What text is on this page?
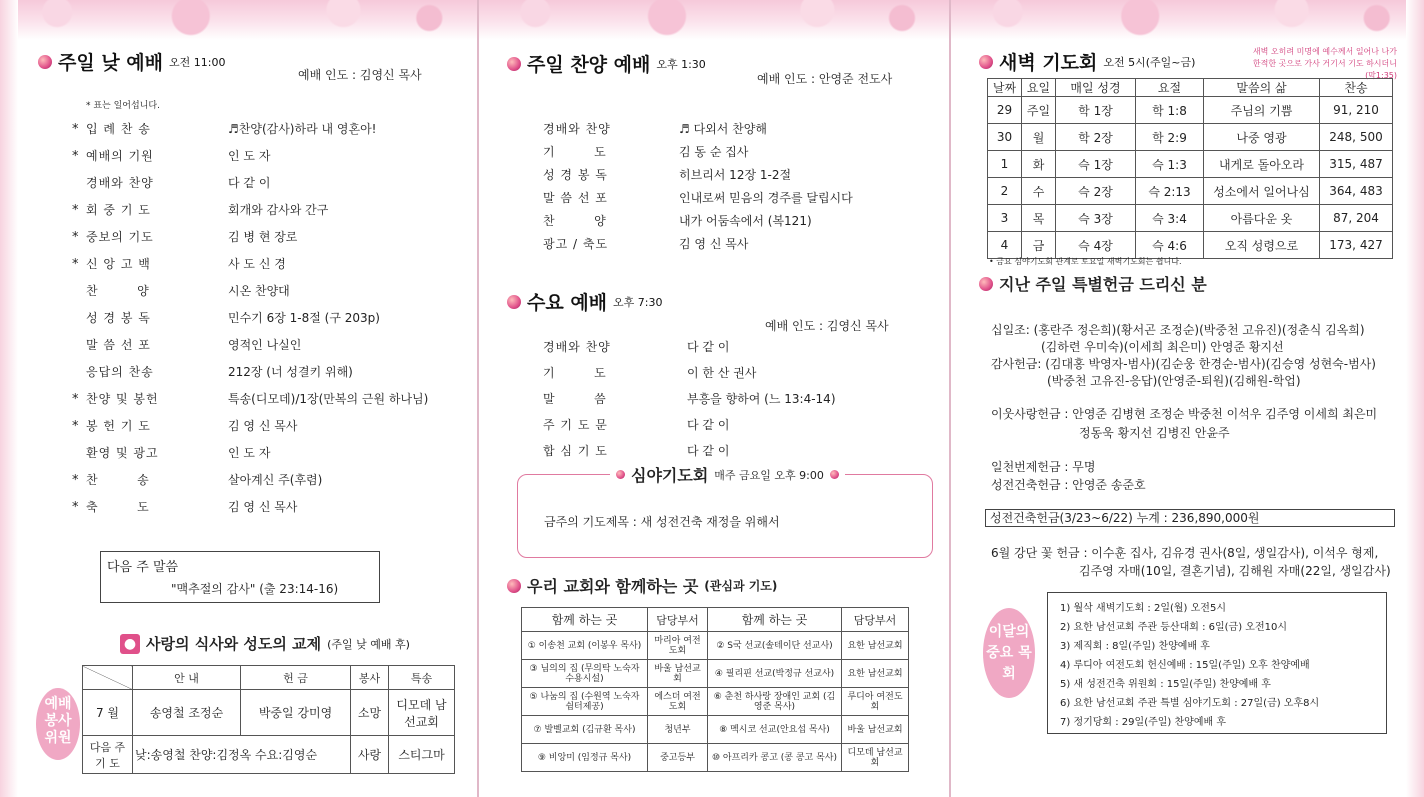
주일 낮 예배 오전 11:00
예배 인도 : 김영신 목사
* 표는 일어섭니다.
* 입 례 찬 송	♬찬양(감사)하라 내 영혼아!
* 예배의 기원	인 도 자
경배와 찬양	다 같 이
* 회 중 기 도	회개와 감사와 간구
* 중보의 기도	김 병 현 장로
* 신 앙 고 백	사 도 신 경
찬        양	시온 찬양대
성 경 봉 독	민수기 6장 1-8절 (구 203p)
말 씀 선 포	영적인 나실인
응답의 찬송	212장 (너 성결키 위해)
* 찬양 및 봉헌	특송(디모데)/1장(만복의 근원 하나님)
* 봉 헌 기 도	김 영 신 목사
환영 및 광고	인 도 자
* 찬        송	살아계신 주(후렴)
* 축        도	김 영 신 목사
다음 주 말씀
"맥추절의 감사" (출 23:14-16)
● 사랑의 식사와 성도의 교제 (주일 낮 예배 후)
	안 내	헌 금	봉사	특송
7 월	송영철 조정순	박중일 강미영	소망	디모데 남선교회
다음 주 기 도	낮:송영철 찬양:김정옥 수요:김영순		사랑	스티그마
예배 봉사 위원
주일 찬양 예배 오후 1:30
예배 인도 : 안영준 전도사
경배와 찬양	♬ 다외서 찬양해
기        도	김 동 순 집사
성 경 봉 독	히브리서 12장 1-2절
말 씀 선 포	인내로써 믿음의 경주를 달립시다
찬        양	내가 어둠속에서 (복121)
광고 / 축도	김 영 신 목사
수요 예배 오후 7:30
예배 인도 : 김영신 목사
경배와 찬양	다 같 이
기        도	이 한 산 권사
말        씀	부흥을 향하여 (느 13:4-14)
주 기 도 문	다 같 이
합 심 기 도	다 같 이
심야기도회 매주 금요일 오후 9:00
금주의 기도제목 : 새 성전건축 재정을 위해서
우리 교회와 함께하는 곳 (관심과 기도)
함께 하는 곳	담당부서	함께 하는 곳	담당부서
① 이송천 교회 (이봉우 목사)	마리아 여전도회	② S국 선교(솔테이단 선교사)	요한 남선교회
③ 님의의 집 (무의탁 노숙자 수용시설)	바울 남선교회	④ 필리핀 선교(박정규 선교사)	요한 남선교회
⑤ 나눔의 집 (수원역 노숙자 쉼터제공)	에스더 여전도회	⑥ 춘천 하사랑 장애인 교회 (김영준 목사)	루디아 여전도회
⑦ 발벨교회 (김규환 목사)	청년부	⑧ 멕시코 선교(안요섭 목사)	바울 남선교회
⑨ 비앙미 (임정규 목사)	중고등부	⑩ 아프리카 콩고 (콩 콩고 목사)	디모데 남선교회
새벽 기도회 오전 5시(주일~금)
새벽 오히려 미명에 예수께서 일어나 나가 한적한 곳으로 가사 거기서 기도 하시더니(막1:35)
날짜	요일	매일 성경	요절	말씀의 삶	찬송
29	주일	학 1장	학 1:8	주님의 기쁨	91, 210
30	월	학 2장	학 2:9	나중 영광	248, 500
1	화	슥 1장	슥 1:3	내게로 돌아오라	315, 487
2	수	슥 2장	슥 2:13	성소에서 일어나심	364, 483
3	목	슥 3장	슥 3:4	아름다운 옷	87, 204
4	금	슥 4장	슥 4:6	오직 성령으로	173, 427
• 금요 심야기도회 관계로 토요일 새벽기도회는 쉽니다.
지난 주일 특별헌금 드리신 분
십일조: (홍란주 정은희)(황서곤 조정순)(박중천 고유진)(정춘식 김옥희)
(김하련 우미숙)(이세희 최은미) 안영준 황지선
감사헌금: (김대홍 박영자-범사)(김순웅 한경순-범사)(김승영 성현숙-범사)
(박중천 고유진-응답)(안영준-퇴원)(김해원-학업)
이웃사랑헌금 : 안영준 김병현 조정순 박중천 이석우 김주영 이세희 최은미
정동욱 황지선 김병진 안윤주
일천번제헌금 : 무명
성전건축헌금 : 안영준 송준호
성전건축헌금(3/23~6/22) 누계 : 236,890,000원
6월 강단 꽃 헌금 : 이수훈 집사, 김유경 권사(8일, 생일감사), 이석우 형제,
김주영 자매(10일, 결혼기념), 김해원 자매(22일, 생일감사)
이달의 중요 목회
1) 월삭 새벽기도회 : 2일(월) 오전5시
2) 요한 남선교회 주관 등산대회 : 6일(금) 오전10시
3) 제직회 : 8일(주일) 찬양예배 후
4) 루디아 여전도회 헌신예배 : 15일(주일) 오후 찬양예배
5) 새 성전건축 위원회 : 15일(주일) 찬양예배 후
6) 요한 남선교회 주관 특별 심야기도회 : 27일(금) 오후8시
7) 정기당회 : 29일(주일) 찬양예배 후
